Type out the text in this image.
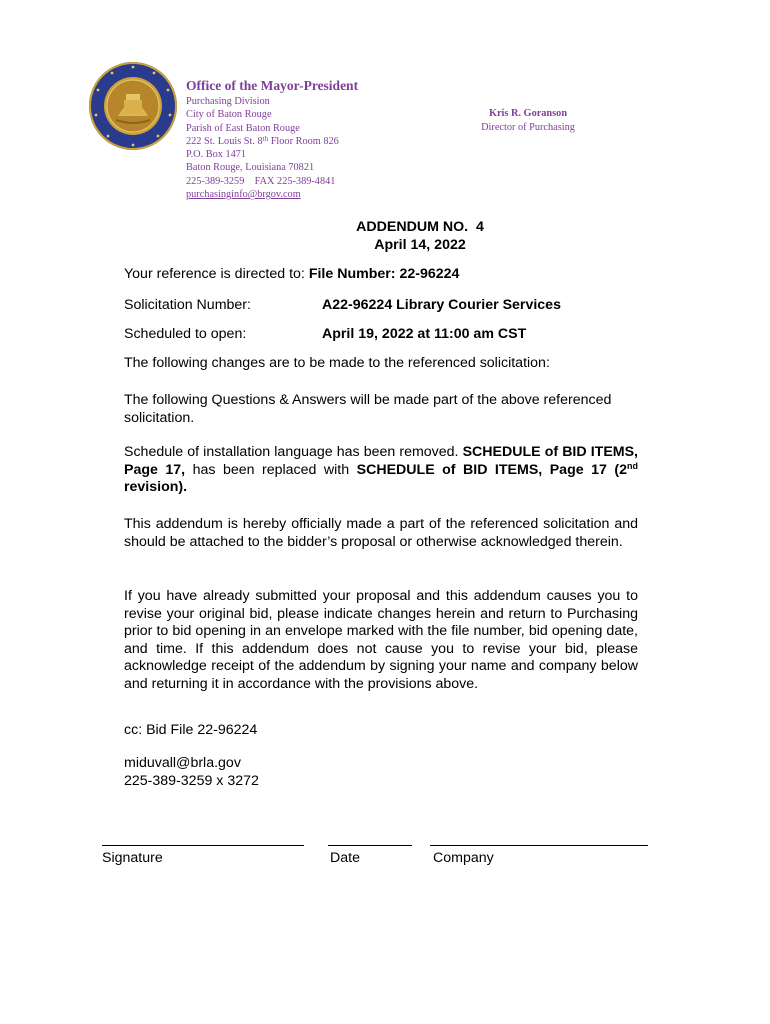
Office of the Mayor-President
Purchasing Division
City of Baton Rouge
Parish of East Baton Rouge
222 St. Louis St. 8th Floor Room 826
P.O. Box 1471
Baton Rouge, Louisiana 70821
225-389-3259    FAX 225-389-4841
purchasinginfo@brgov.com
Kris R. Goranson
Director of Purchasing
ADDENDUM NO.  4
April 14, 2022
Your reference is directed to: File Number: 22-96224
Solicitation Number:	A22-96224 Library Courier Services
Scheduled to open:	April 19, 2022 at 11:00 am CST
The following changes are to be made to the referenced solicitation:
The following Questions & Answers will be made part of the above referenced solicitation.
Schedule of installation language has been removed. SCHEDULE of BID ITEMS, Page 17, has been replaced with SCHEDULE of BID ITEMS, Page 17 (2nd revision).
This addendum is hereby officially made a part of the referenced solicitation and should be attached to the bidder’s proposal or otherwise acknowledged therein.
If you have already submitted your proposal and this addendum causes you to revise your original bid, please indicate changes herein and return to Purchasing prior to bid opening in an envelope marked with the file number, bid opening date, and time. If this addendum does not cause you to revise your bid, please acknowledge receipt of the addendum by signing your name and company below and returning it in accordance with the provisions above.
cc: Bid File 22-96224
miduvall@brla.gov
225-389-3259 x 3272
Signature	Date	Company
